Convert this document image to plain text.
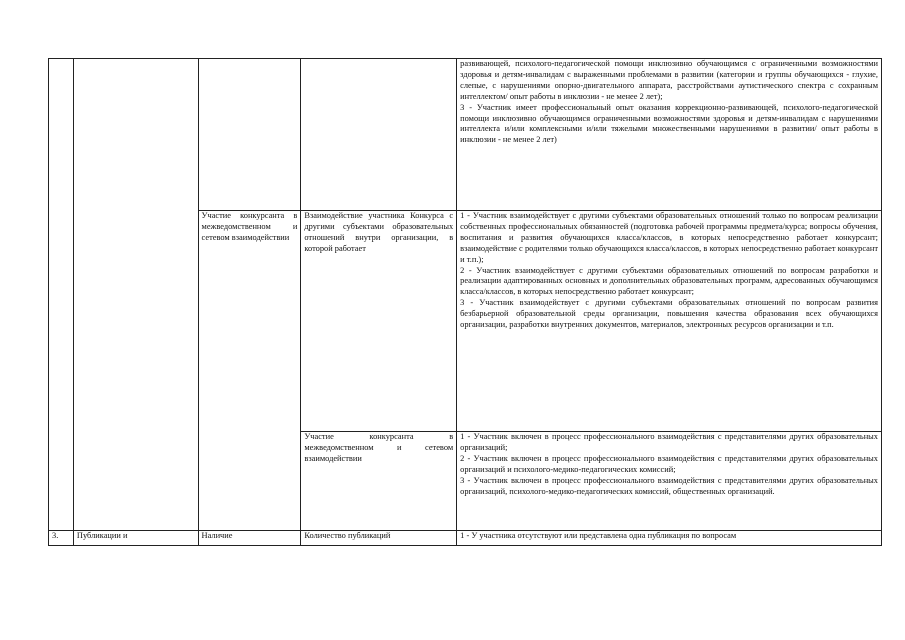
				развивающей, психолого-педагогической помощи инклюзивно обучающимся с ограниченными возможностями здоровья и детям-инвалидам с выраженными проблемами в развитии (категории и группы обучающихся - глухие, слепые, с нарушениями опорно-двигательного аппарата, расстройствами аутистического спектра с сохранным интеллектом/ опыт работы в инклюзии - не менее 2 лет);
3 - Участник имеет профессиональный опыт оказания коррекционно-развивающей, психолого-педагогической помощи инклюзивно обучающимся ограниченными возможностями здоровья и детям-инвалидам с нарушениями интеллекта и/или комплексными и/или тяжелыми множественными нарушениями в развитии/ опыт работы в инклюзии - не менее 2 лет)

		Участие конкурсанта в межведомственном и сетевом взаимодействии	Взаимодействие участника Конкурса с другими субъектами образовательных отношений внутри организации, в которой работает	1 - Участник взаимодействует с другими субъектами образовательных отношений только по вопросам реализации собственных профессиональных обязанностей (подготовка рабочей программы предмета/курса; вопросы обучения, воспитания и развития обучающихся класса/классов, в которых непосредственно работает конкурсант; взаимодействие с родителями только обучающихся класса/классов, в которых непосредственно работает конкурсант и т.п.);
2 - Участник взаимодействует с другими субъектами образовательных отношений по вопросам разработки и реализации адаптированных основных и дополнительных образовательных программ, адресованных обучающимся класса/классов, в которых непосредственно работает конкурсант;
3 - Участник взаимодействует с другими субъектами образовательных отношений по вопросам развития безбарьерной образовательной среды организации, повышения качества образования всех обучающихся организации, разработки внутренних документов, материалов, электронных ресурсов организации и т.п.

			Участие конкурсанта в межведомственном и сетевом взаимодействии	1 - Участник включен в процесс профессионального взаимодействия с представителями других образовательных организаций;
2 - Участник включен в процесс профессионального взаимодействия с представителями других образовательных организаций и психолого-медико-педагогических комиссий;
3 - Участник включен в процесс профессионального взаимодействия с представителями других образовательных организаций, психолого-медико-педагогических комиссий, общественных организаций.

3.	Публикации и	Наличие	Количество публикаций	1 - У участника отсутствуют или представлена одна публикация по вопросам
